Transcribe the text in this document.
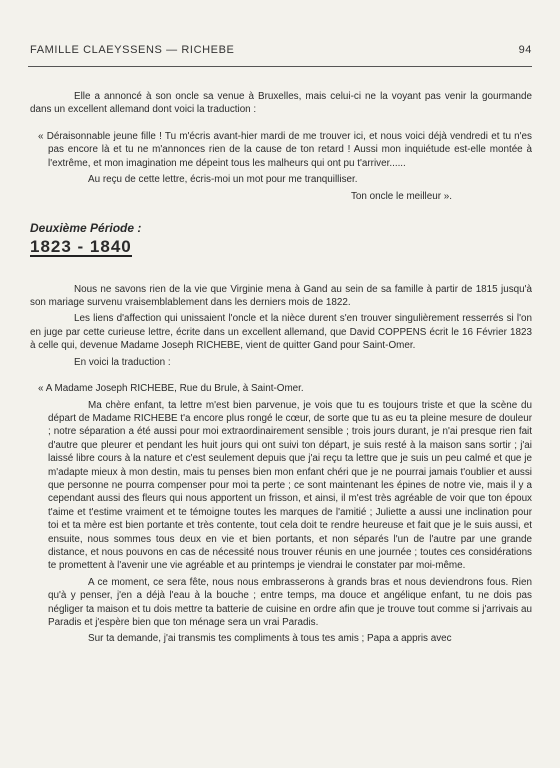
FAMILLE CLAEYSSENS — RICHEBE	94

Elle a annoncé à son oncle sa venue à Bruxelles, mais celui-ci ne la voyant pas venir la gourmande dans un excellent allemand dont voici la traduction :

« Déraisonnable jeune fille ! Tu m'écris avant-hier mardi de me trouver ici, et nous voici déjà vendredi et tu n'es pas encore là et tu ne m'annonces rien de la cause de ton retard ! Aussi mon inquiétude est-elle montée à l'extrême, et mon imagination me dépeint tous les malheurs qui ont pu t'arriver......

Au reçu de cette lettre, écris-moi un mot pour me tranquilliser.

Ton oncle le meilleur ».

Deuxième Période :

1823 - 1840

Nous ne savons rien de la vie que Virginie mena à Gand au sein de sa famille à partir de 1815 jusqu'à son mariage survenu vraisemblablement dans les derniers mois de 1822.

Les liens d'affection qui unissaient l'oncle et la nièce durent s'en trouver singulièrement resserrés si l'on en juge par cette curieuse lettre, écrite dans un excellent allemand, que David COPPENS écrit le 16 Février 1823 à celle qui, devenue Madame Joseph RICHEBE, vient de quitter Gand pour Saint-Omer.

En voici la traduction :

« A Madame Joseph RICHEBE, Rue du Brule, à Saint-Omer.

Ma chère enfant, ta lettre m'est bien parvenue, je vois que tu es toujours triste et que la scène du départ de Madame RICHEBE t'a encore plus rongé le cœur, de sorte que tu as eu ta pleine mesure de douleur ; notre séparation a été aussi pour moi extraordinairement sensible ; trois jours durant, je n'ai presque rien fait d'autre que pleurer et pendant les huit jours qui ont suivi ton départ, je suis resté à la maison sans sortir ; j'ai laissé libre cours à la nature et c'est seulement depuis que j'ai reçu ta lettre que je suis un peu calmé et que je m'adapte mieux à mon destin, mais tu penses bien mon enfant chéri que je ne pourrai jamais t'oublier et aussi que personne ne pourra compenser pour moi ta perte ; ce sont maintenant les épines de notre vie, mais il y a cependant aussi des fleurs qui nous apportent un frisson, et ainsi, il m'est très agréable de voir que ton époux t'aime et t'estime vraiment et te témoigne toutes les marques de l'amitié ; Juliette a aussi une inclination pour toi et ta mère est bien portante et très contente, tout cela doit te rendre heureuse et fait que je le suis aussi, et ensuite, nous sommes tous deux en vie et bien portants, et non séparés l'un de l'autre par une grande distance, et nous pouvons en cas de nécessité nous trouver réunis en une journée ; toutes ces considérations te promettent à l'avenir une vie agréable et au printemps je viendrai le constater par moi-même.

A ce moment, ce sera fête, nous nous embrasserons à grands bras et nous deviendrons fous. Rien qu'à y penser, j'en a déjà l'eau à la bouche ; entre temps, ma douce et angélique enfant, tu ne dois pas négliger ta maison et tu dois mettre ta batterie de cuisine en ordre afin que je trouve tout comme si j'arrivais au Paradis et j'espère bien que ton ménage sera un vrai Paradis.

Sur ta demande, j'ai transmis tes compliments à tous tes amis ; Papa a appris avec
